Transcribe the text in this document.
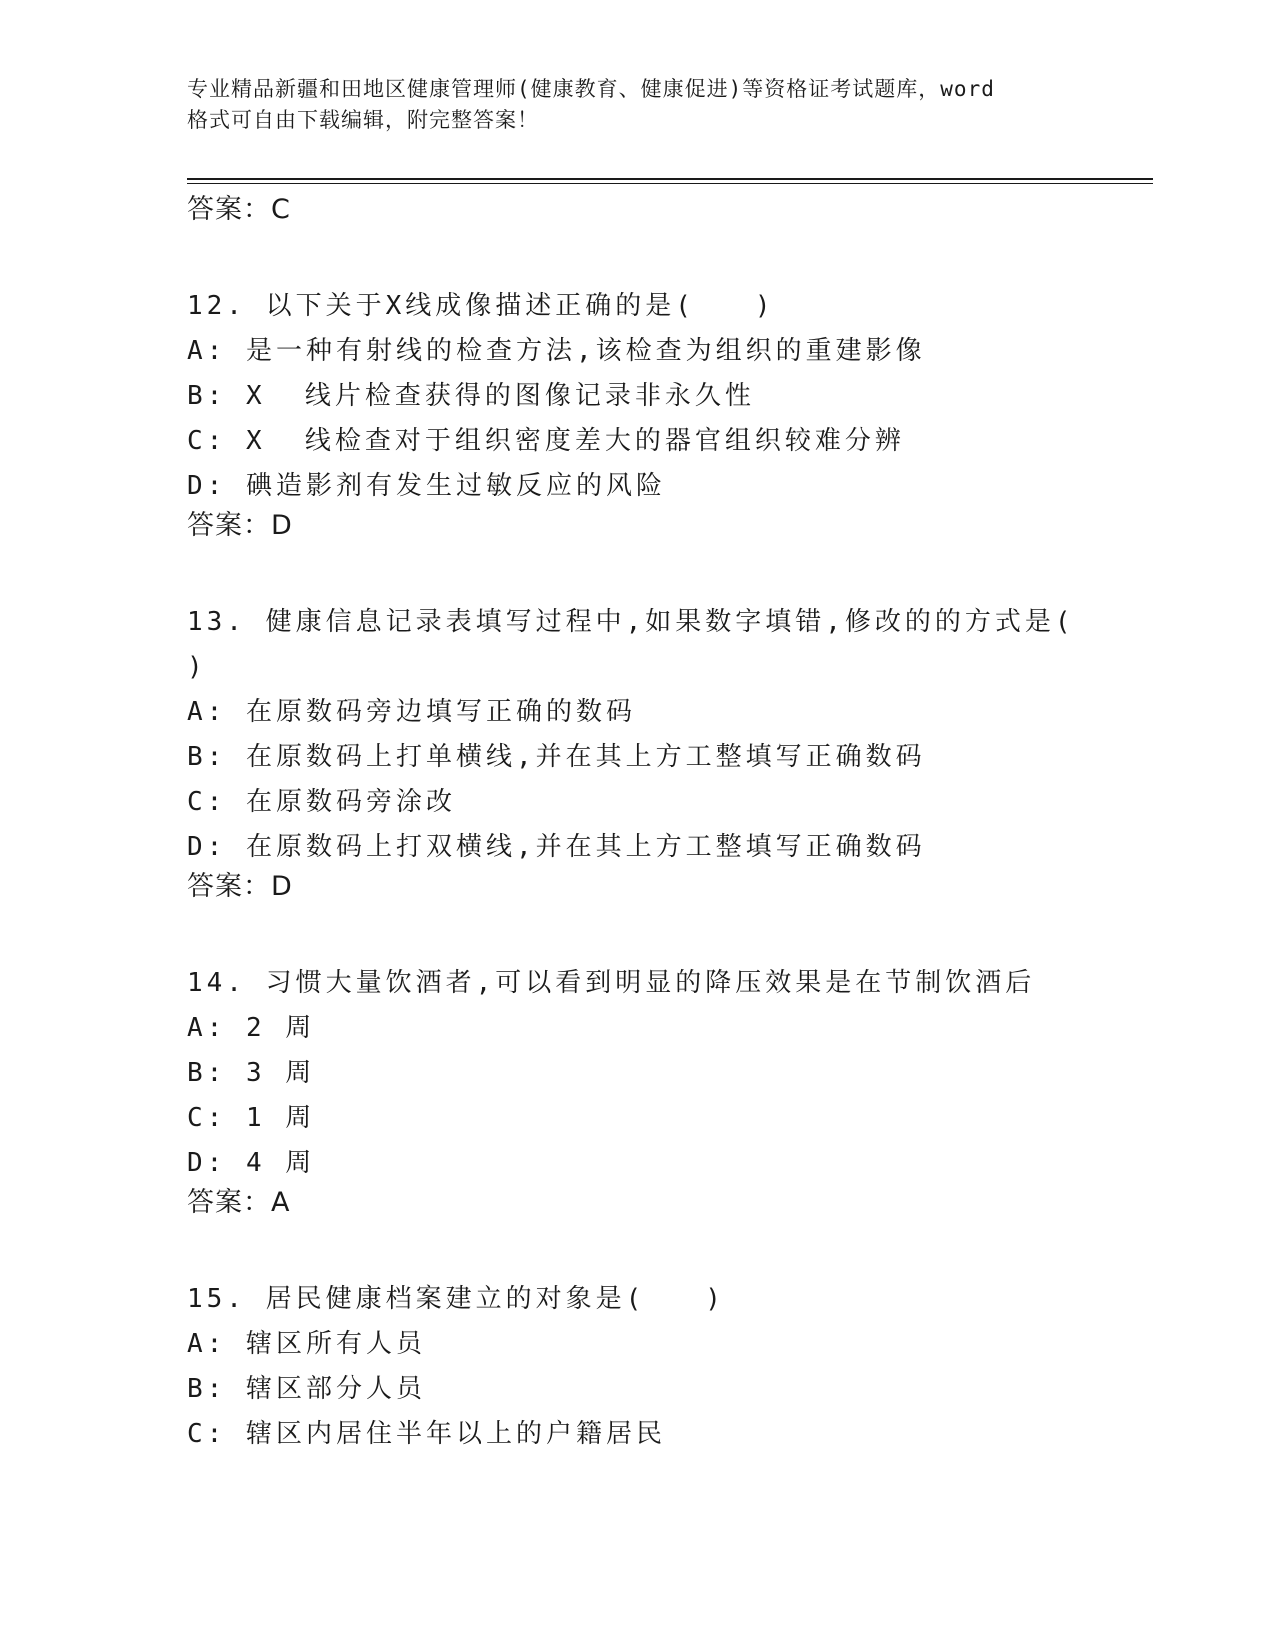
专业精品新疆和田地区健康管理师(健康教育、健康促进)等资格证考试题库，word
格式可自由下载编辑，附完整答案！

答案：C

12. 以下关于X线成像描述正确的是(　　)

A: 是一种有射线的检查方法,该检查为组织的重建影像

B: X  线片检查获得的图像记录非永久性

C: X  线检查对于组织密度差大的器官组织较难分辨

D: 碘造影剂有发生过敏反应的风险

答案：D

13. 健康信息记录表填写过程中,如果数字填错,修改的的方式是(

)

A: 在原数码旁边填写正确的数码

B: 在原数码上打单横线,并在其上方工整填写正确数码

C: 在原数码旁涂改

D: 在原数码上打双横线,并在其上方工整填写正确数码

答案：D

14. 习惯大量饮酒者,可以看到明显的降压效果是在节制饮酒后

A: 2 周

B: 3 周

C: 1 周

D: 4 周

答案：A

15. 居民健康档案建立的对象是(　　)

A: 辖区所有人员

B: 辖区部分人员

C: 辖区内居住半年以上的户籍居民
